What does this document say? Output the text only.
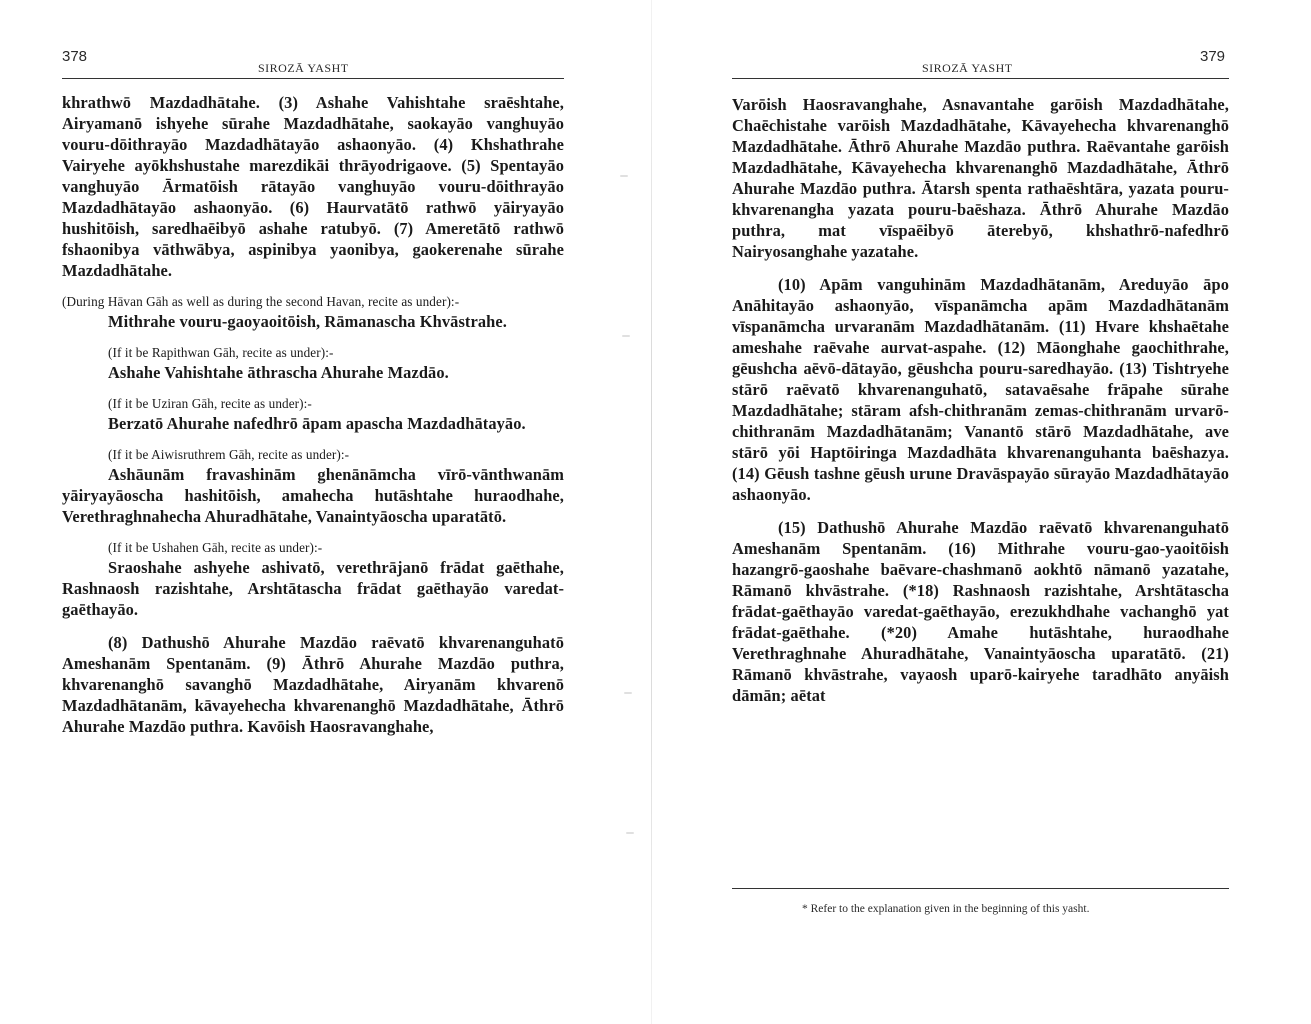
378
SIROZĀ YASHT

khrathwō Mazdadhātahe. (3) Ashahe Vahishtahe sraēshtahe, Airyamanō ishyehe sūrahe Mazdadhātahe, saokayāo vanghuyāo vouru-dōithrayāo Mazdadhātayāo ashaonyāo. (4) Khshathrahe Vairyehe ayōkhshustahe marezdikāi thrāyodrigaove. (5) Spentayāo vanghuyāo Ārmatōish rātayāo vanghuyāo vouru-dōithrayāo Mazdadhātayāo ashaonyāo. (6) Haurvatātō rathwō yāiryayāo hushitōish, saredhaēibyō ashahe ratubyō. (7) Ameretātō rathwō fshaonibya vāthwābya, aspinibya yaonibya, gaokerenahe sūrahe Mazdadhātahe.

(During Hāvan Gāh as well as during the second Havan, recite as under):-

Mithrahe vouru-gaoyaoitōish, Rāmanascha Khvāstrahe.

(If it be Rapithwan Gāh, recite as under):-

Ashahe Vahishtahe āthrascha Ahurahe Mazdāo.

(If it be Uziran Gāh, recite as under):-

Berzatō Ahurahe nafedhrō āpam apascha Mazdadhātayāo.

(If it be Aiwisruthrem Gāh, recite as under):-

Ashāunām fravashinām ghenānāmcha vīrō-vānthwanām yāiryayāoscha hashitōish, amahecha hutāshtahe huraodhahe, Verethraghnahecha Ahuradhātahe, Vanaintyāoscha uparatātō.

(If it be Ushahen Gāh, recite as under):-

Sraoshahe ashyehe ashivatō, verethrājanō frādat gaēthahe, Rashnaosh razishtahe, Arshtātascha frādat gaēthayāo varedat-gaēthayāo.

(8) Dathushō Ahurahe Mazdāo raēvatō khvarenanguhatō Ameshanām Spentanām. (9) Āthrō Ahurahe Mazdāo puthra, khvarenanghō savanghō Mazdadhātahe, Airyanām khvarenō Mazdadhātanām, kāvayehecha khvarenanghō Mazdadhātahe, Āthrō Ahurahe Mazdāo puthra. Kavōish Haosravanghahe,

SIROZĀ YASHT
379

Varōish Haosravanghahe, Asnavantahe garōish Mazdadhātahe, Chaēchistahe varōish Mazdadhātahe, Kāvayehecha khvarenanghō Mazdadhātahe. Āthrō Ahurahe Mazdāo puthra. Raēvantahe garōish Mazdadhātahe, Kāvayehecha khvarenanghō Mazdadhātahe, Āthrō Ahurahe Mazdāo puthra. Ātarsh spenta rathaēshtāra, yazata pouru-khvarenangha yazata pouru-baēshaza. Āthrō Ahurahe Mazdāo puthra, mat vīspaēibyō āterebyō, khshathrō-nafedhrō Nairyosanghahe yazatahe.

(10) Apām vanguhinām Mazdadhātanām, Areduyāo āpo Anāhitayāo ashaonyāo, vīspanāmcha apām Mazdadhātanām vīspanāmcha urvaranām Mazdadhātanām. (11) Hvare khshaētahe ameshahe raēvahe aurvat-aspahe. (12) Māonghahe gaochithrahe, gēushcha aēvō-dātayāo, gēushcha pouru-saredhayāo. (13) Tishtryehe stārō raēvatō khvarenanguhatō, satavaēsahe frāpahe sūrahe Mazdadhātahe; stāram afsh-chithranām zemas-chithranām urvarō-chithranām Mazdadhātanām; Vanantō stārō Mazdadhātahe, ave stārō yōi Haptōiringa Mazdadhāta khvarenanguhanta baēshazya. (14) Gēush tashne gēush urune Dravāspayāo sūrayāo Mazdadhātayāo ashaonyāo.

(15) Dathushō Ahurahe Mazdāo raēvatō khvarenanguhatō Ameshanām Spentanām. (16) Mithrahe vouru-gao-yaoitōish hazangrō-gaoshahe baēvare-chashmanō aokhtō nāmanō yazatahe, Rāmanō khvāstrahe. (*18) Rashnaosh razishtahe, Arshtātascha frādat-gaēthayāo varedat-gaēthayāo, erezukhdhahe vachanghō yat frādat-gaēthahe. (*20) Amahe hutāshtahe, huraodhahe Verethraghnahe Ahuradhātahe, Vanaintyāoscha uparatātō. (21) Rāmanō khvāstrahe, vayaosh uparō-kairyehe taradhāto anyāish dāmān; aētat

* Refer to the explanation given in the beginning of this yasht.
